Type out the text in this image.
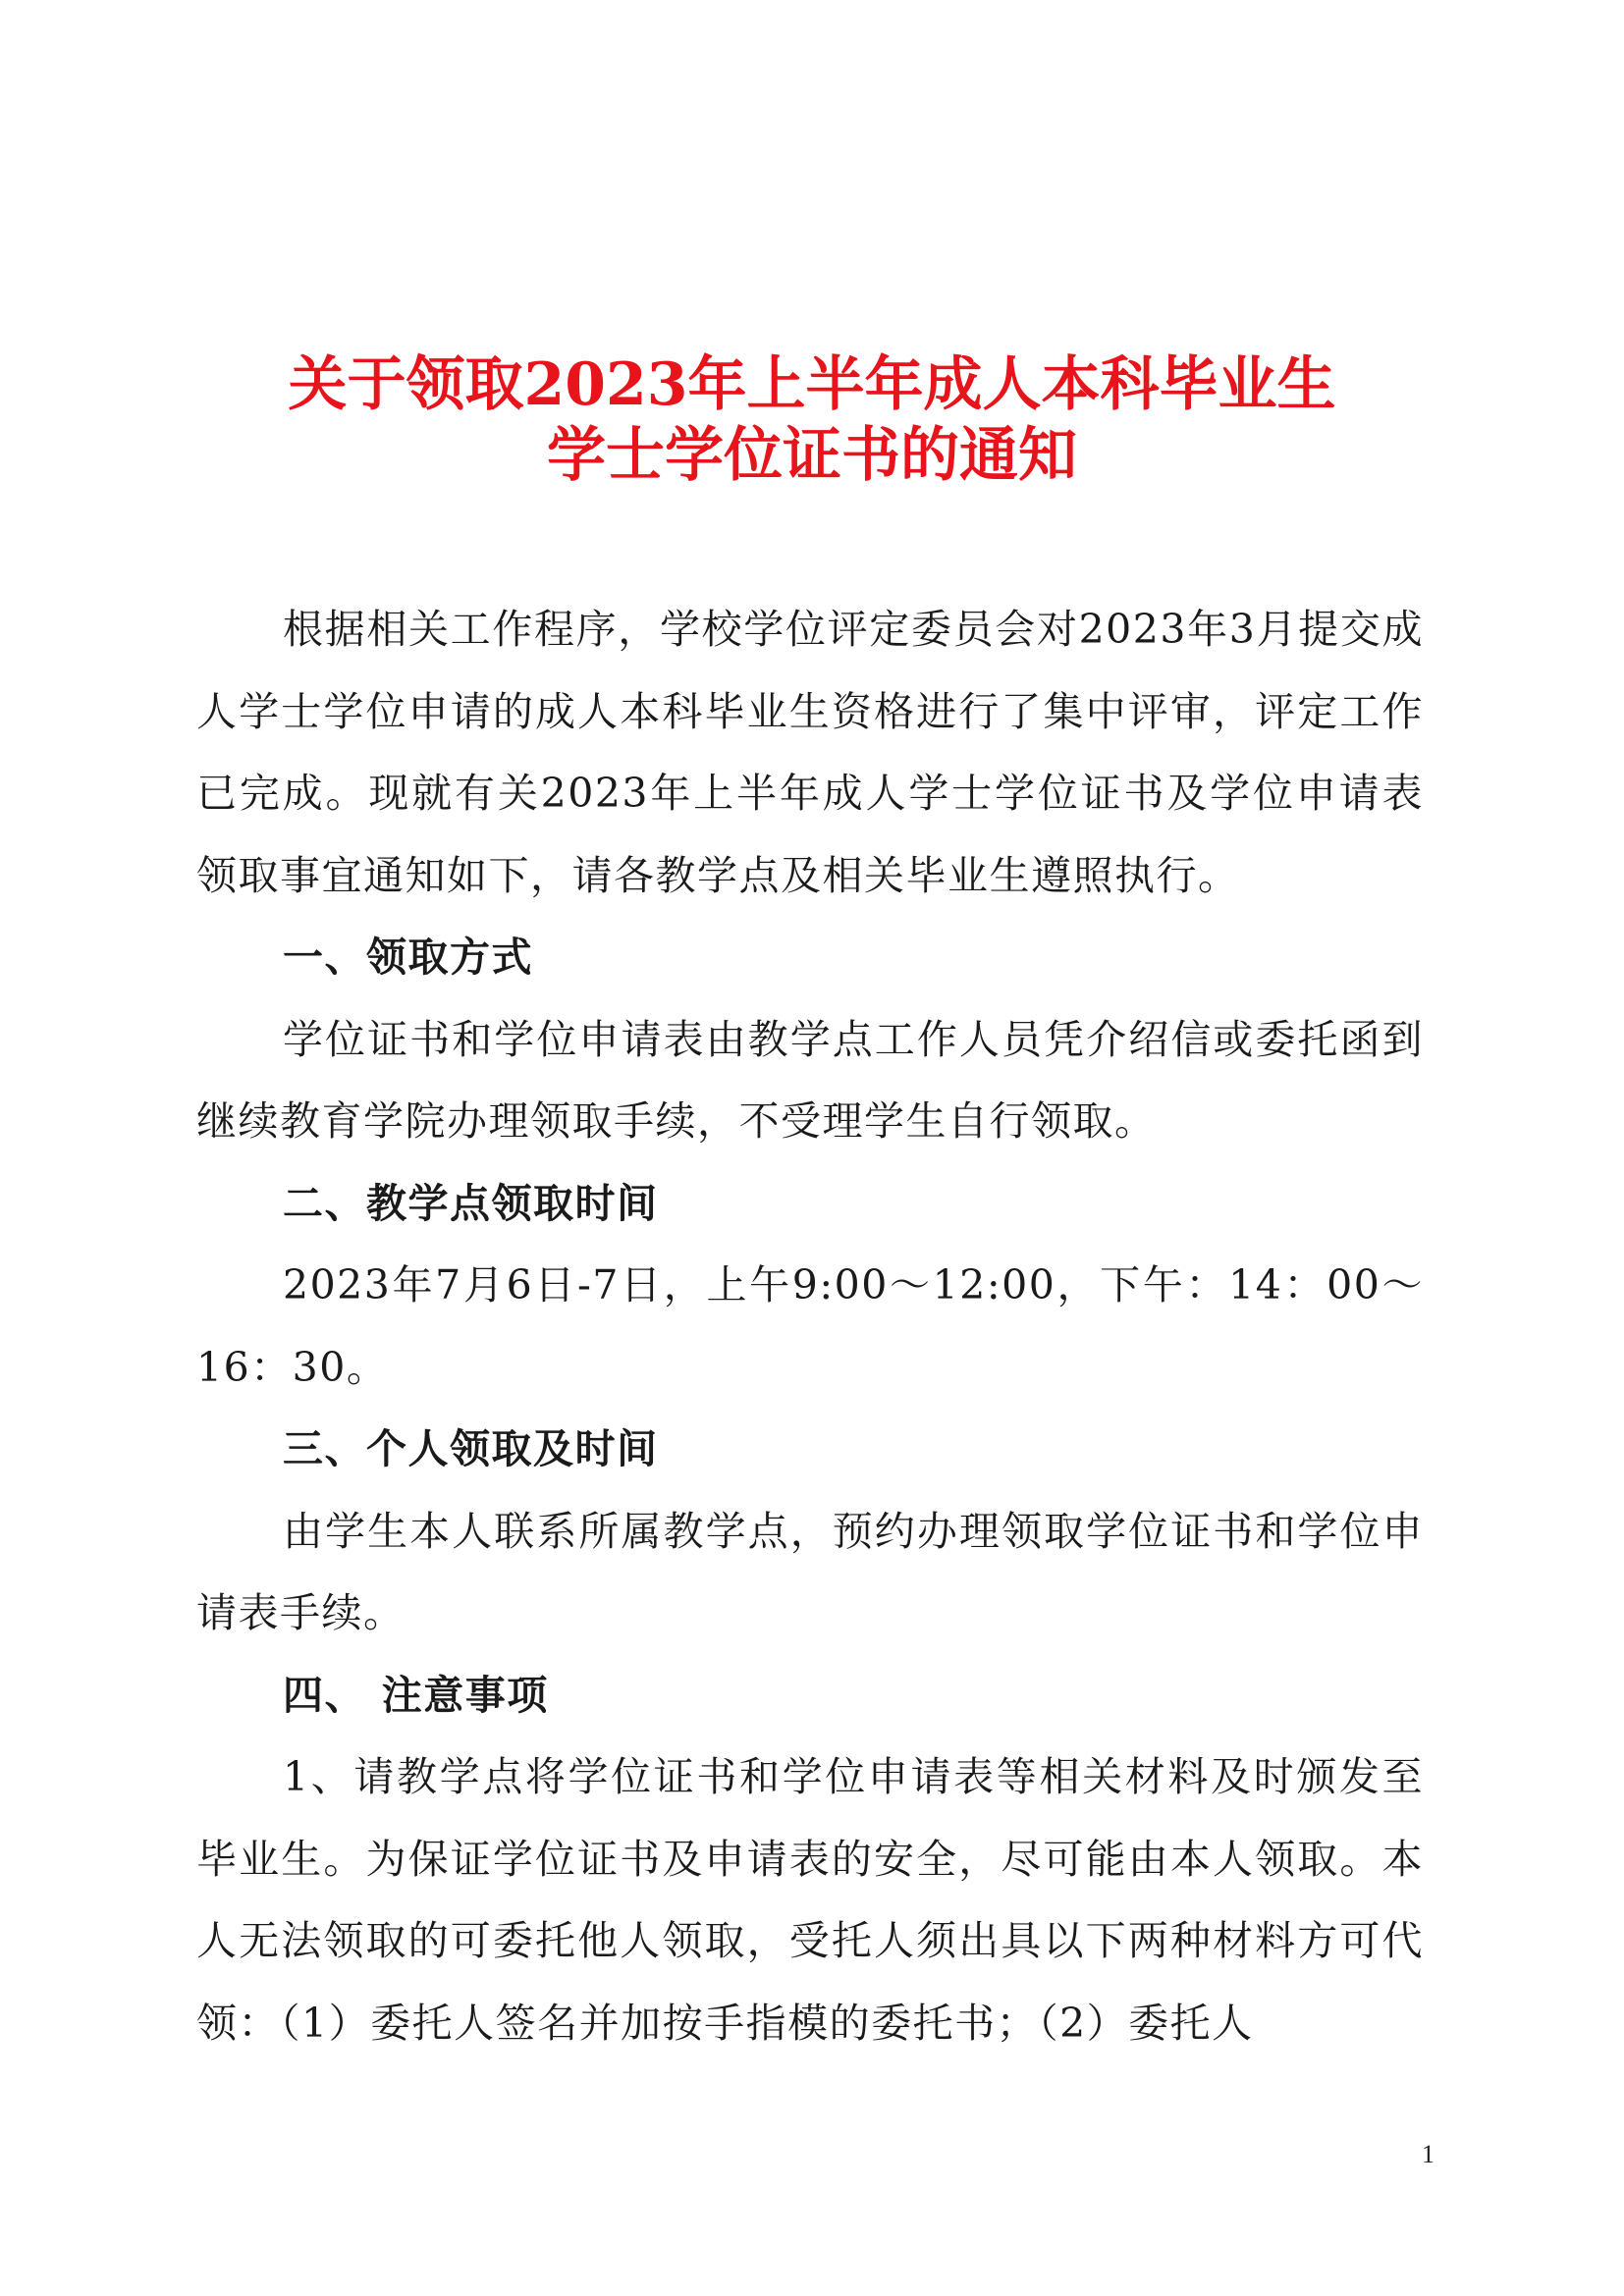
关于领取2023年上半年成人本科毕业生
学士学位证书的通知

根据相关工作程序，学校学位评定委员会对2023年3月提交成人学士学位申请的成人本科毕业生资格进行了集中评审，评定工作已完成。现就有关2023年上半年成人学士学位证书及学位申请表领取事宜通知如下，请各教学点及相关毕业生遵照执行。

一、领取方式

学位证书和学位申请表由教学点工作人员凭介绍信或委托函到继续教育学院办理领取手续，不受理学生自行领取。

二、教学点领取时间

2023年7月6日-7日，上午9:00～12:00，下午：14：00～16：30。

三、个人领取及时间

由学生本人联系所属教学点，预约办理领取学位证书和学位申请表手续。

四、 注意事项

1、请教学点将学位证书和学位申请表等相关材料及时颁发至毕业生。为保证学位证书及申请表的安全，尽可能由本人领取。本人无法领取的可委托他人领取，受托人须出具以下两种材料方可代领：（1）委托人签名并加按手指模的委托书；（2）委托人

1
